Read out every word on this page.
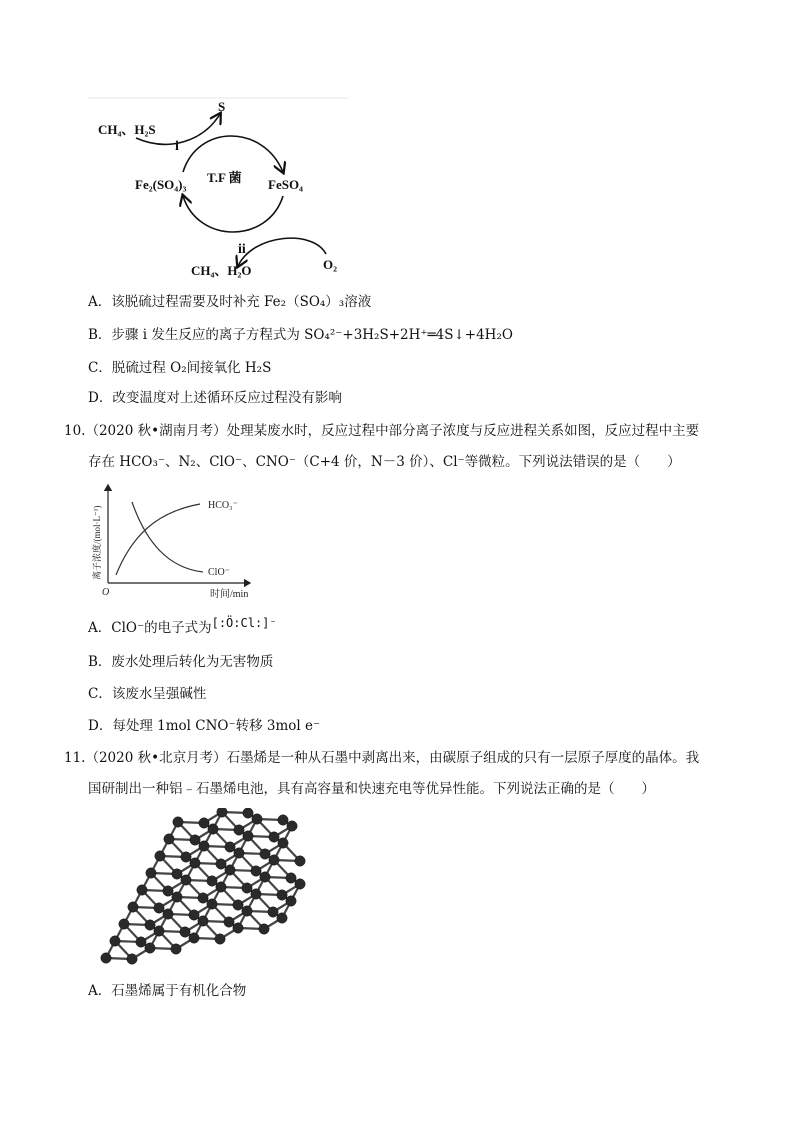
CH₄、H₂S
i
S
Fe₂(SO₄)₃	FeSO₄
T.F 菌
ii
CH₄、H₂O	O₂
A．该脱硫过程需要及时补充 Fe₂（SO₄）₃溶液
B．步骤 i 发生反应的离子方程式为 SO₄²⁻+3H₂S+2H⁺═4S↓+4H₂O
C．脱硫过程 O₂间接氧化 H₂S
D．改变温度对上述循环反应过程没有影响
10.（2020 秋•湖南月考）处理某废水时，反应过程中部分离子浓度与反应进程关系如图，反应过程中主要
存在 HCO₃⁻、N₂、ClO⁻、CNO⁻（C+4 价，N－3 价）、Cl⁻等微粒。下列说法错误的是（　　）
HCO₃⁻
ClO⁻
O	时间/min
离子浓度/(mol·L⁻¹)
A．ClO⁻的电子式为[:Ö:Cl:]⁻
B．废水处理后转化为无害物质
C．该废水呈强碱性
D．每处理 1mol CNO⁻转移 3mol e⁻
11.（2020 秋•北京月考）石墨烯是一种从石墨中剥离出来，由碳原子组成的只有一层原子厚度的晶体。我
国研制出一种铝﹣石墨烯电池，具有高容量和快速充电等优异性能。下列说法正确的是（　　）
A．石墨烯属于有机化合物
